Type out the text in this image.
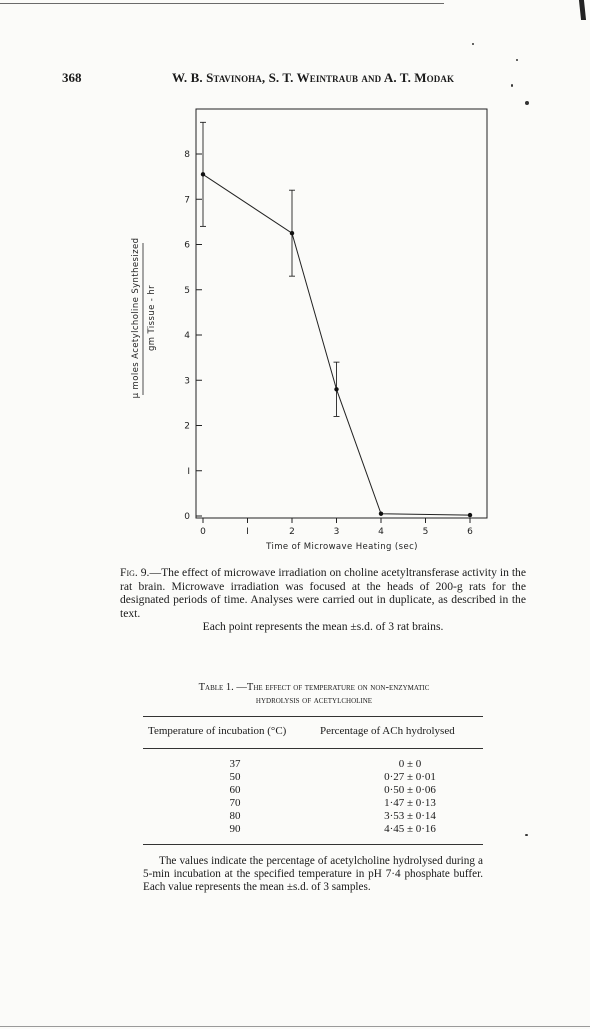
368	W. B. Stavinoha, S. T. Weintraub and A. T. Modak
0
I
2
3
4
5
6
7
8
0	I	2	3	4	5	6
Time of Microwave Heating (sec)
μ moles Acetylcholine Synthesized gm Tissue - hr
Fig. 9.—The effect of microwave irradiation on choline acetyltransferase activity in the rat brain. Microwave irradiation was focused at the heads of 200-g rats for the designated periods of time. Analyses were carried out in duplicate, as described in the text.
Each point represents the mean ±s.d. of 3 rat brains.
Table 1. —The effect of temperature on non-enzymatic
hydrolysis of acetylcholine
Temperature of incubation (°C)	Percentage of ACh hydrolysed
37	0 ± 0
50	0·27 ± 0·01
60	0·50 ± 0·06
70	1·47 ± 0·13
80	3·53 ± 0·14
90	4·45 ± 0·16
The values indicate the percentage of acetylcholine hydrolysed during a 5-min incubation at the specified temperature in pH 7·4 phosphate buffer. Each value represents the mean ±s.d. of 3 samples.
